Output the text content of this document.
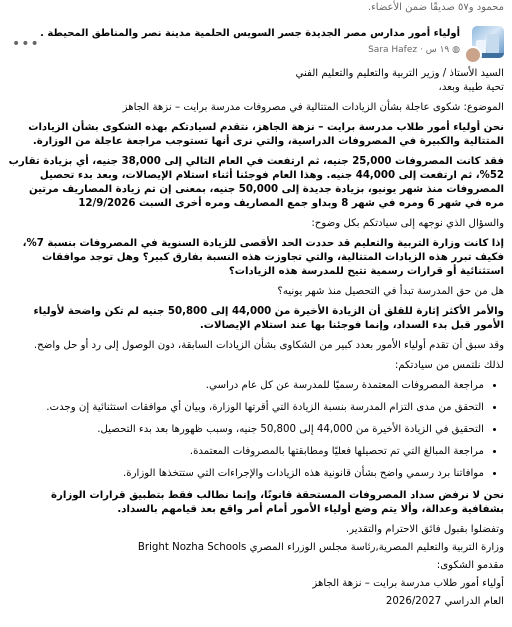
محمود و٥٧ صديقًا ضمن الأعضاء.
أولياء أمور مدارس مصر الجديدة جسر السويس الحلمية مدينة نصر والمناطق المحيطة .
Sara Hafez · ١٩ س ◍
•••

السيد الأستاذ / وزير التربية والتعليم والتعليم الفني
تحية طيبة وبعد،

الموضوع: شكوى عاجلة بشأن الزيادات المتتالية في مصروفات مدرسة برايت – نزهة الجاهز

نحن أولياء أمور طلاب مدرسة برايت – نزهة الجاهز، نتقدم لسيادتكم بهذه الشكوى بشأن الزيادات المتتالية والكبيرة في المصروفات الدراسية، والتي نرى أنها تستوجب مراجعة عاجلة من الوزارة.

فقد كانت المصروفات 25,000 جنيه، ثم ارتفعت في العام التالي إلى 38,000 جنيه، أي بزيادة تقارب 52%، ثم ارتفعت إلى 44,000 جنيه. وهذا العام فوجئنا أثناء استلام الإيصالات، وبعد بدء تحصيل المصروفات منذ شهر يونيو، بزيادة جديدة إلى 50,000 جنيه، بمعنى إن تم زيادة المصاريف مرتين مره في شهر 6 ومره في شهر 8 وبداو جمع المصاريف ومره أخرى السبت 12/9/2026

والسؤال الذي نوجهه إلى سيادتكم بكل وضوح:

إذا كانت وزارة التربية والتعليم قد حددت الحد الأقصى للزيادة السنوية في المصروفات بنسبة 7%، فكيف تبرر هذه الزيادات المتتالية، والتي تجاوزت هذه النسبة بفارق كبير؟ وهل توجد موافقات استثنائية أو قرارات رسمية تتيح للمدرسة هذه الزيادات؟

هل من حق المدرسة تبدأ في التحصيل منذ شهر يونيه؟

والأمر الأكثر إثارة للقلق أن الزيادة الأخيرة من 44,000 إلى 50,800 جنيه لم تكن واضحة لأولياء الأمور قبل بدء السداد، وإنما فوجئنا بها عند استلام الإيصالات.

وقد سبق أن تقدم أولياء الأمور بعدد كبير من الشكاوى بشأن الزيادات السابقة، دون الوصول إلى رد أو حل واضح.

لذلك نلتمس من سيادتكم:

• مراجعة المصروفات المعتمدة رسميًا للمدرسة عن كل عام دراسي.
• التحقق من مدى التزام المدرسة بنسبة الزيادة التي أقرتها الوزارة، وبيان أي موافقات استثنائية إن وجدت.
• التحقيق في الزيادة الأخيرة من 44,000 إلى 50,800 جنيه، وسبب ظهورها بعد بدء التحصيل.
• مراجعة المبالغ التي تم تحصيلها فعليًا ومطابقتها بالمصروفات المعتمدة.
• موافاتنا برد رسمي واضح بشأن قانونية هذه الزيادات والإجراءات التي ستتخذها الوزارة.

نحن لا نرفض سداد المصروفات المستحقة قانونًا، وإنما نطالب فقط بتطبيق قرارات الوزارة بشفافية وعدالة، وألا يتم وضع أولياء الأمور أمام أمر واقع بعد قيامهم بالسداد.

وتفضلوا بقبول فائق الاحترام والتقدير.

وزارة التربية والتعليم المصرية,رئاسة مجلس الوزراء المصري Bright Nozha Schools

مقدمو الشكوى:

أولياء أمور طلاب مدرسة برايت – نزهة الجاهز

العام الدراسي 2026/2027
